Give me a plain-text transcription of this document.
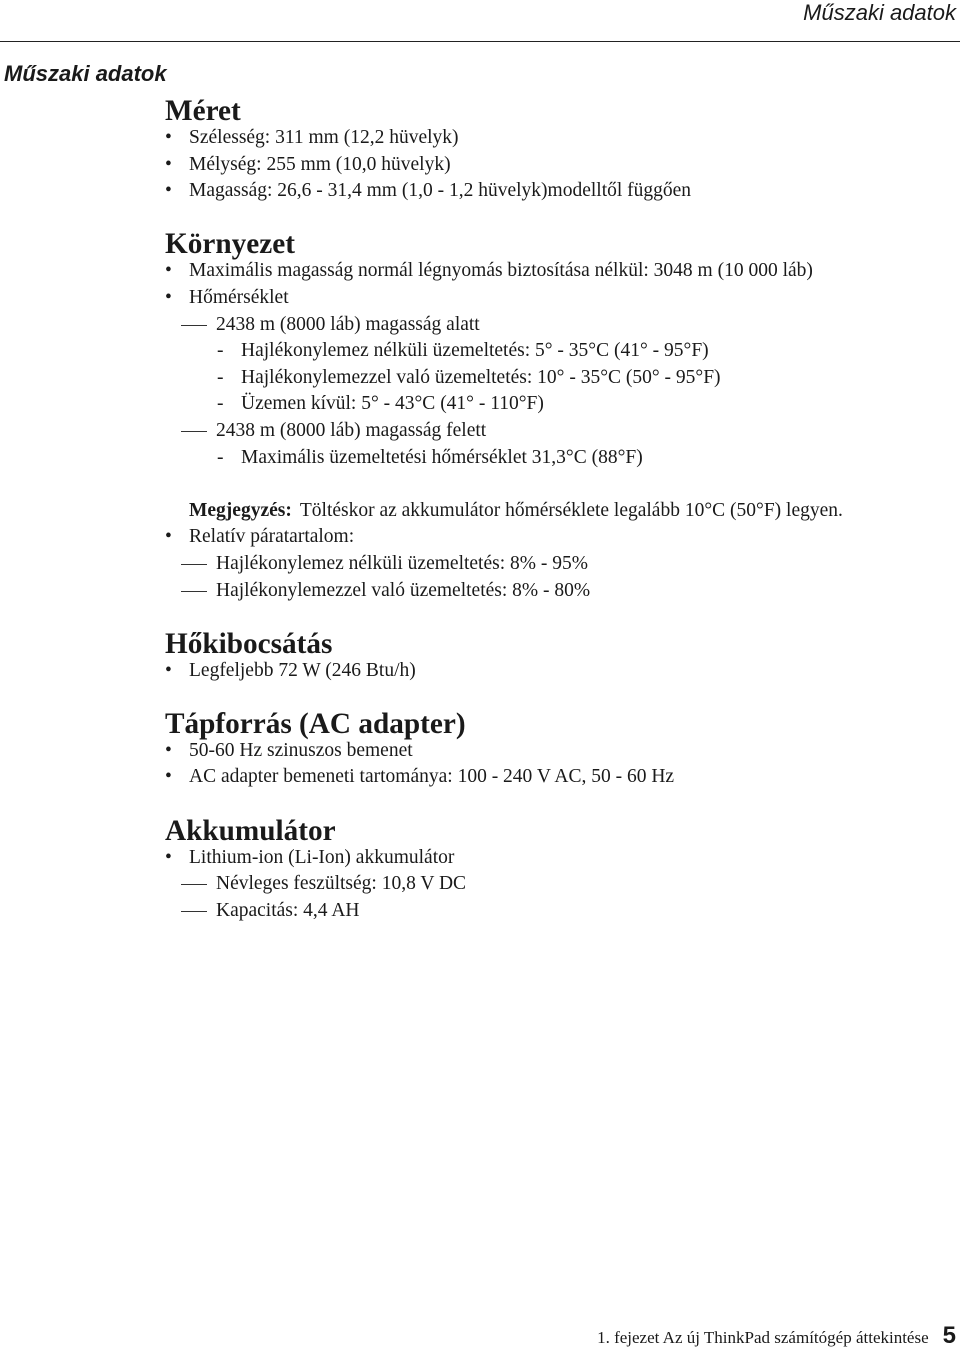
Műszaki adatok
Műszaki adatok
Méret
• Szélesség: 311 mm (12,2 hüvelyk)
• Mélység: 255 mm (10,0 hüvelyk)
• Magasság: 26,6 - 31,4 mm (1,0 - 1,2 hüvelyk)modelltől függően
Környezet
• Maximális magasság normál légnyomás biztosítása nélkül: 3048 m (10 000 láb)
• Hőmérséklet
2438 m (8000 láb) magasság alatt
- Hajlékonylemez nélküli üzemeltetés: 5° - 35°C (41° - 95°F)
- Hajlékonylemezzel való üzemeltetés: 10° - 35°C (50° - 95°F)
- Üzemen kívül: 5° - 43°C (41° - 110°F)
2438 m (8000 láb) magasság felett
- Maximális üzemeltetési hőmérséklet 31,3°C (88°F)
Megjegyzés: Töltéskor az akkumulátor hőmérséklete legalább 10°C (50°F) legyen.
• Relatív páratartalom:
Hajlékonylemez nélküli üzemeltetés: 8% - 95%
Hajlékonylemezzel való üzemeltetés: 8% - 80%
Hőkibocsátás
• Legfeljebb 72 W (246 Btu/h)
Tápforrás (AC adapter)
• 50-60 Hz szinuszos bemenet
• AC adapter bemeneti tartománya: 100 - 240 V AC, 50 - 60 Hz
Akkumulátor
• Lithium-ion (Li-Ion) akkumulátor
Névleges feszültség: 10,8 V DC
Kapacitás: 4,4 AH
1. fejezet Az új ThinkPad számítógép áttekintése 5
